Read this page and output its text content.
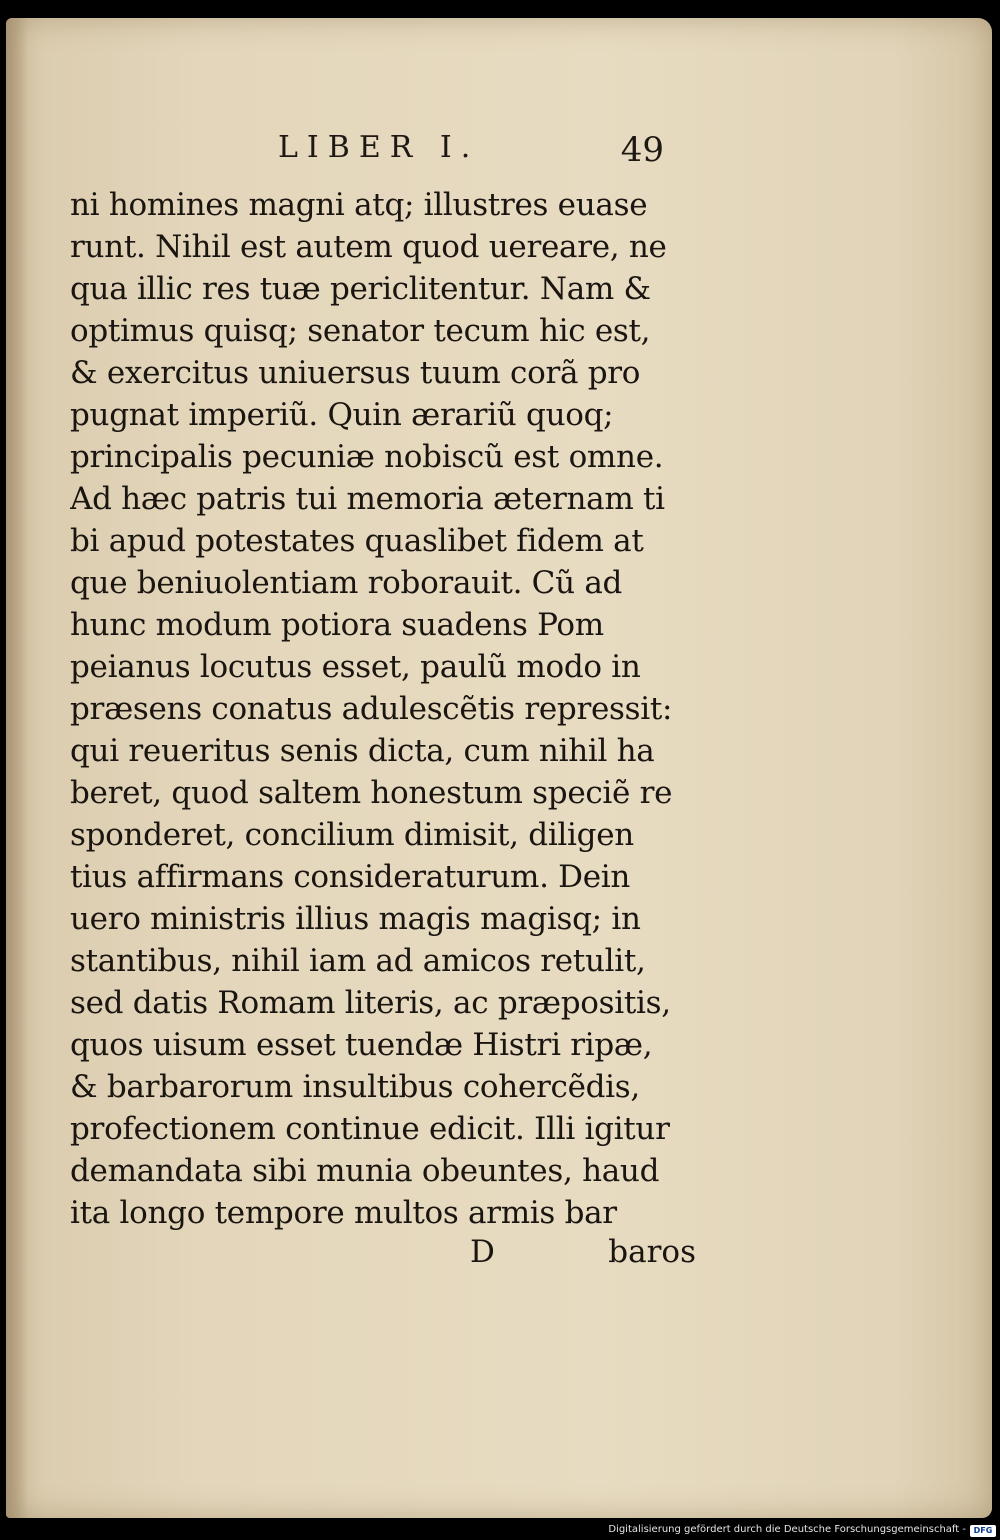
LIBER I.	49
ni homines magni atq; illustres euase
runt. Nihil est autem quod uereare, ne
qua illic res tuæ periclitentur. Nam &
optimus quisq; senator tecum hic est,
& exercitus uniuersus tuum corã pro
pugnat imperiũ. Quin ærariũ quoq;
principalis pecuniæ nobiscũ est omne.
Ad hæc patris tui memoria æternam ti
bi apud potestates quaslibet fidem at
que beniuolentiam roborauit. Cũ ad
hunc modum potiora suadens Pom
peianus locutus esset, paulũ modo in
præsens conatus adulescẽtis repressit:
qui reueritus senis dicta, cum nihil ha
beret, quod saltem honestum speciẽ re
sponderet, concilium dimisit, diligen
tius affirmans consideraturum. Dein
uero ministris illius magis magisq; in
stantibus, nihil iam ad amicos retulit,
sed datis Romam literis, ac præpositis,
quos uisum esset tuendæ Histri ripæ,
& barbarorum insultibus cohercẽdis,
profectionem continue edicit. Illi igitur
demandata sibi munia obeuntes, haud
ita longo tempore multos armis bar
D	baros
Digitalisierung gefördert durch die Deutsche Forschungsgemeinschaft - DFG
